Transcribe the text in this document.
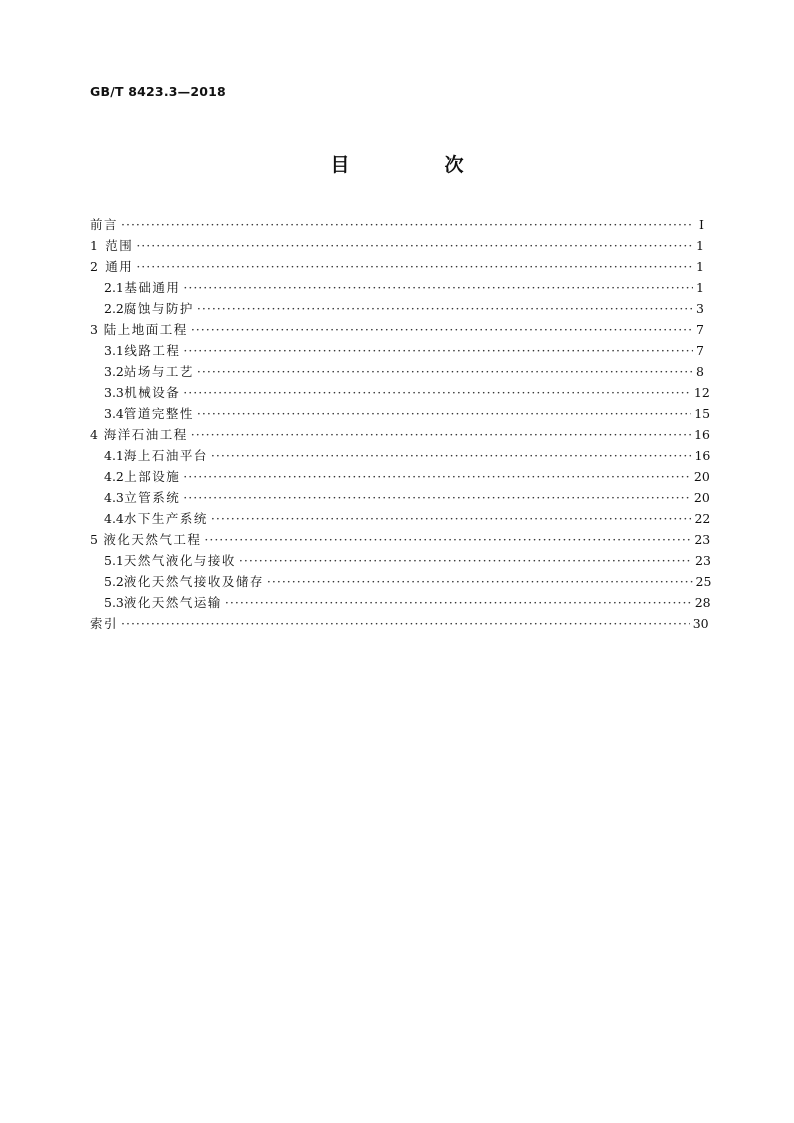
GB/T 8423.3—2018
目　次
前言 ·····	I
1 范围 ·····	1
2 通用 ·····	1
2.1 基础通用 ·····	1
2.2 腐蚀与防护 ·····	3
3 陆上地面工程 ·····	7
3.1 线路工程 ·····	7
3.2 站场与工艺 ·····	8
3.3 机械设备 ·····	12
3.4 管道完整性 ·····	15
4 海洋石油工程 ·····	16
4.1 海上石油平台 ·····	16
4.2 上部设施 ·····	20
4.3 立管系统 ·····	20
4.4 水下生产系统 ·····	22
5 液化天然气工程 ·····	23
5.1 天然气液化与接收 ·····	23
5.2 液化天然气接收及储存 ·····	25
5.3 液化天然气运输 ·····	28
索引 ·····	30
